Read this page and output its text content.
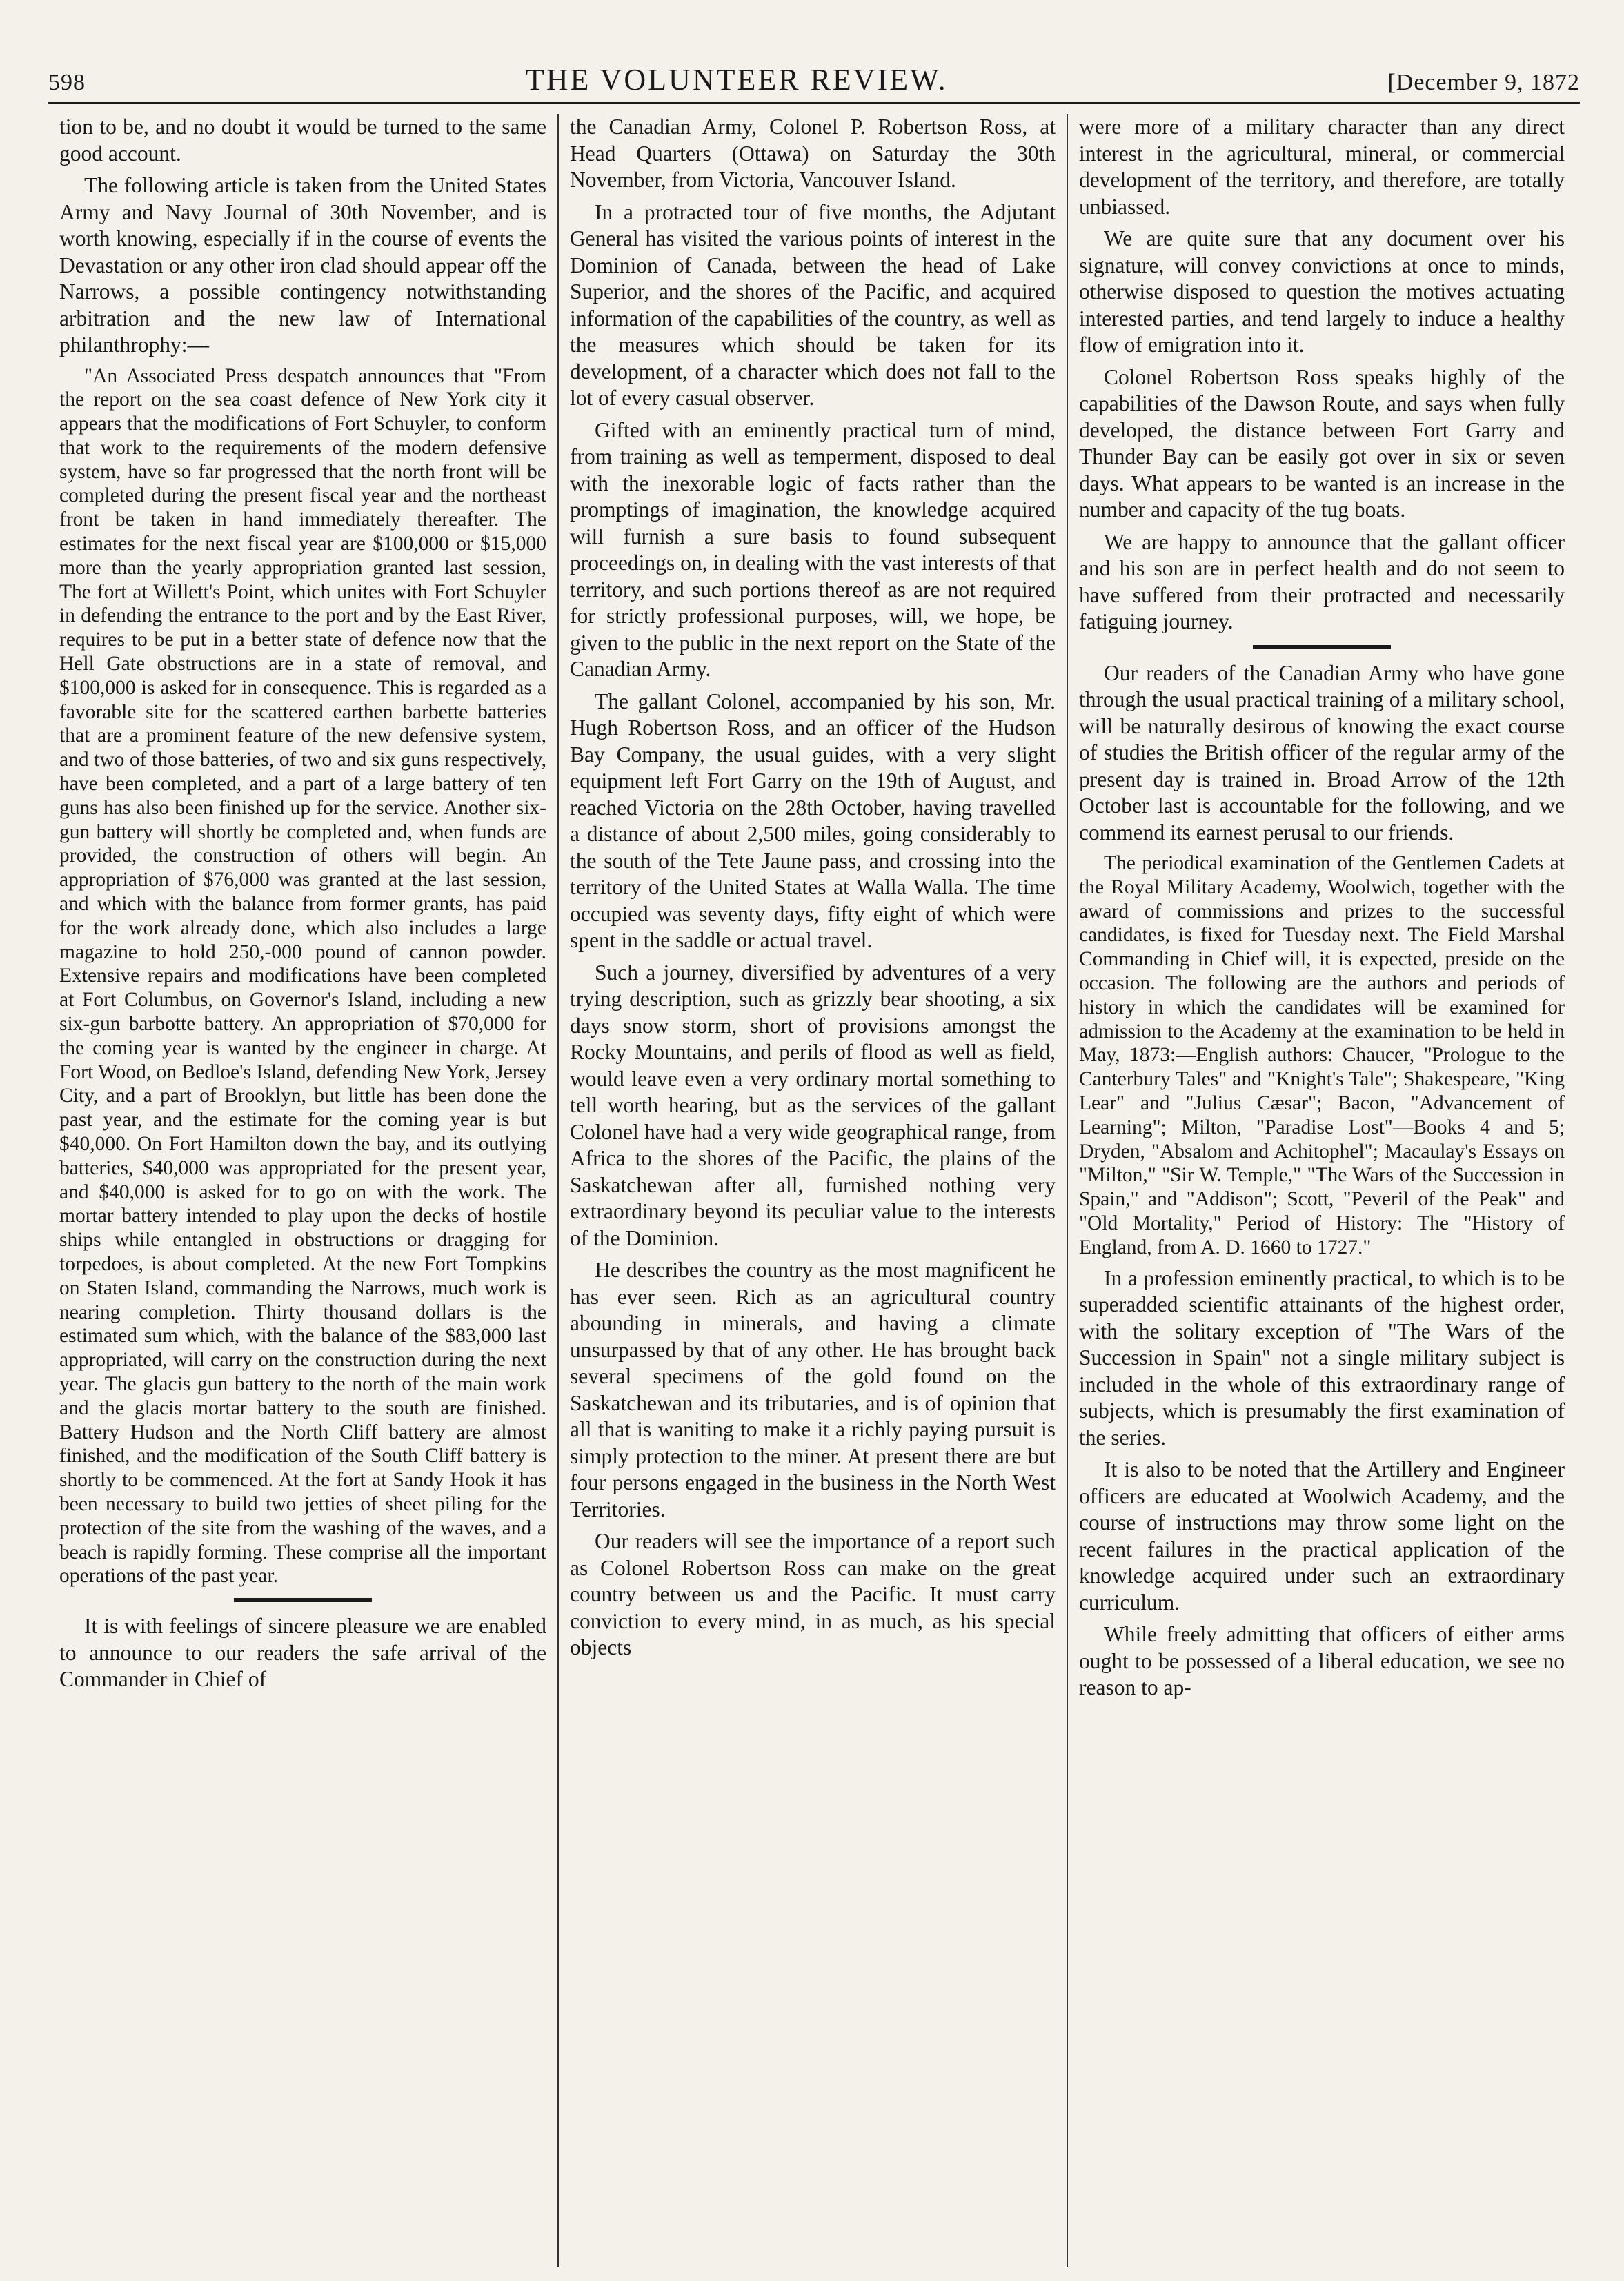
598	THE VOLUNTEER REVIEW.	[December 9, 1872

tion to be, and no doubt it would be turned to the same good account.

The following article is taken from the United States Army and Navy Journal of 30th November, and is worth knowing, especially if in the course of events the Devastation or any other iron clad should appear off the Narrows, a possible contingency notwithstanding arbitration and the new law of International philanthrophy:—

"An Associated Press despatch announces that "From the report on the sea coast defence of New York city it appears that the modifications of Fort Schuyler, to conform that work to the requirements of the modern defensive system, have so far progressed that the north front will be completed during the present fiscal year and the northeast front be taken in hand immediately thereafter. The estimates for the next fiscal year are $100,000 or $15,000 more than the yearly appropriation granted last session, The fort at Willett's Point, which unites with Fort Schuyler in defending the entrance to the port and by the East River, requires to be put in a better state of defence now that the Hell Gate obstructions are in a state of removal, and $100,000 is asked for in consequence. This is regarded as a favorable site for the scattered earthen barbette batteries that are a prominent feature of the new defensive system, and two of those batteries, of two and six guns respectively, have been completed, and a part of a large battery of ten guns has also been finished up for the service. Another six-gun battery will shortly be completed and, when funds are provided, the construction of others will begin. An appropriation of $76,000 was granted at the last session, and which with the balance from former grants, has paid for the work already done, which also includes a large magazine to hold 250,-000 pound of cannon powder. Extensive repairs and modifications have been completed at Fort Columbus, on Governor's Island, including a new six-gun barbotte battery. An appropriation of $70,000 for the coming year is wanted by the engineer in charge. At Fort Wood, on Bedloe's Island, defending New York, Jersey City, and a part of Brooklyn, but little has been done the past year, and the estimate for the coming year is but $40,000. On Fort Hamilton down the bay, and its outlying batteries, $40,000 was appropriated for the present year, and $40,000 is asked for to go on with the work. The mortar battery intended to play upon the decks of hostile ships while entangled in obstructions or dragging for torpedoes, is about completed. At the new Fort Tompkins on Staten Island, commanding the Narrows, much work is nearing completion. Thirty thousand dollars is the estimated sum which, with the balance of the $83,000 last appropriated, will carry on the construction during the next year. The glacis gun battery to the north of the main work and the glacis mortar battery to the south are finished. Battery Hudson and the North Cliff battery are almost finished, and the modification of the South Cliff battery is shortly to be commenced. At the fort at Sandy Hook it has been necessary to build two jetties of sheet piling for the protection of the site from the washing of the waves, and a beach is rapidly forming. These comprise all the important operations of the past year.

It is with feelings of sincere pleasure we are enabled to announce to our readers the safe arrival of the Commander in Chief of

the Canadian Army, Colonel P. Robertson Ross, at Head Quarters (Ottawa) on Saturday the 30th November, from Victoria, Vancouver Island.

In a protracted tour of five months, the Adjutant General has visited the various points of interest in the Dominion of Canada, between the head of Lake Superior, and the shores of the Pacific, and acquired information of the capabilities of the country, as well as the measures which should be taken for its development, of a character which does not fall to the lot of every casual observer.

Gifted with an eminently practical turn of mind, from training as well as temperment, disposed to deal with the inexorable logic of facts rather than the promptings of imagination, the knowledge acquired will furnish a sure basis to found subsequent proceedings on, in dealing with the vast interests of that territory, and such portions thereof as are not required for strictly professional purposes, will, we hope, be given to the public in the next report on the State of the Canadian Army.

The gallant Colonel, accompanied by his son, Mr. Hugh Robertson Ross, and an officer of the Hudson Bay Company, the usual guides, with a very slight equipment left Fort Garry on the 19th of August, and reached Victoria on the 28th October, having travelled a distance of about 2,500 miles, going considerably to the south of the Tete Jaune pass, and crossing into the territory of the United States at Walla Walla. The time occupied was seventy days, fifty eight of which were spent in the saddle or actual travel.

Such a journey, diversified by adventures of a very trying description, such as grizzly bear shooting, a six days snow storm, short of provisions amongst the Rocky Mountains, and perils of flood as well as field, would leave even a very ordinary mortal something to tell worth hearing, but as the services of the gallant Colonel have had a very wide geographical range, from Africa to the shores of the Pacific, the plains of the Saskatchewan after all, furnished nothing very extraordinary beyond its peculiar value to the interests of the Dominion.

He describes the country as the most magnificent he has ever seen. Rich as an agricultural country abounding in minerals, and having a climate unsurpassed by that of any other. He has brought back several specimens of the gold found on the Saskatchewan and its tributaries, and is of opinion that all that is waniting to make it a richly paying pursuit is simply protection to the miner. At present there are but four persons engaged in the business in the North West Territories.

Our readers will see the importance of a report such as Colonel Robertson Ross can make on the great country between us and the Pacific. It must carry conviction to every mind, in as much, as his special objects

were more of a military character than any direct interest in the agricultural, mineral, or commercial development of the territory, and therefore, are totally unbiassed.

We are quite sure that any document over his signature, will convey convictions at once to minds, otherwise disposed to question the motives actuating interested parties, and tend largely to induce a healthy flow of emigration into it.

Colonel Robertson Ross speaks highly of the capabilities of the Dawson Route, and says when fully developed, the distance between Fort Garry and Thunder Bay can be easily got over in six or seven days. What appears to be wanted is an increase in the number and capacity of the tug boats.

We are happy to announce that the gallant officer and his son are in perfect health and do not seem to have suffered from their protracted and necessarily fatiguing journey.

Our readers of the Canadian Army who have gone through the usual practical training of a military school, will be naturally desirous of knowing the exact course of studies the British officer of the regular army of the present day is trained in. Broad Arrow of the 12th October last is accountable for the following, and we commend its earnest perusal to our friends.

The periodical examination of the Gentlemen Cadets at the Royal Military Academy, Woolwich, together with the award of commissions and prizes to the successful candidates, is fixed for Tuesday next. The Field Marshal Commanding in Chief will, it is expected, preside on the occasion. The following are the authors and periods of history in which the candidates will be examined for admission to the Academy at the examination to be held in May, 1873:—English authors: Chaucer, "Prologue to the Canterbury Tales" and "Knight's Tale"; Shakespeare, "King Lear" and "Julius Cæsar"; Bacon, "Advancement of Learning"; Milton, "Paradise Lost"—Books 4 and 5; Dryden, "Absalom and Achitophel"; Macaulay's Essays on "Milton," "Sir W. Temple," "The Wars of the Succession in Spain," and "Addison"; Scott, "Peveril of the Peak" and "Old Mortality," Period of History: The "History of England, from A. D. 1660 to 1727."

In a profession eminently practical, to which is to be superadded scientific attainants of the highest order, with the solitary exception of "The Wars of the Succession in Spain" not a single military subject is included in the whole of this extraordinary range of subjects, which is presumably the first examination of the series.

It is also to be noted that the Artillery and Engineer officers are educated at Woolwich Academy, and the course of instructions may throw some light on the recent failures in the practical application of the knowledge acquired under such an extraordinary curriculum.

While freely admitting that officers of either arms ought to be possessed of a liberal education, we see no reason to ap-
